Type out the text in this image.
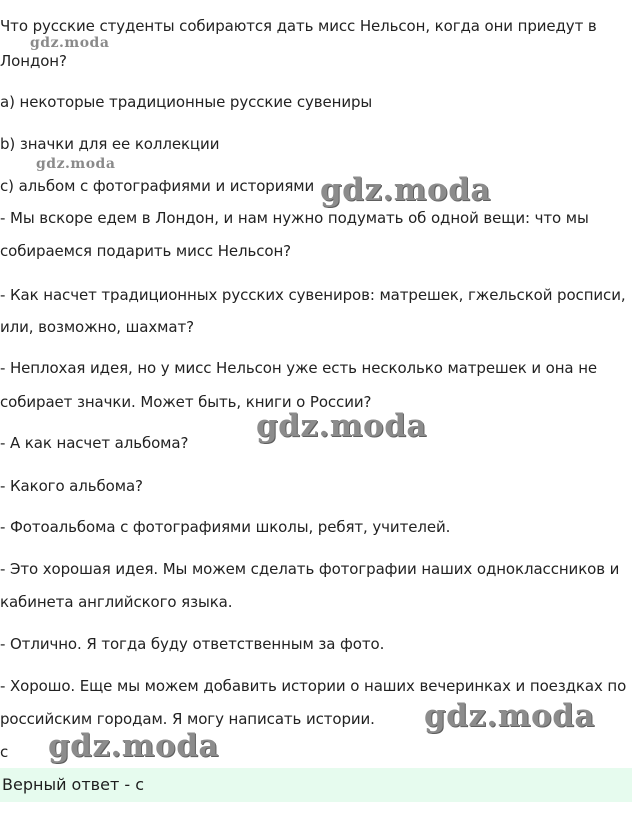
Что русские студенты собираются дать мисс Нельсон, когда они приедут в
Лондон?
a) некоторые традиционные русские сувениры
b) значки для ее коллекции
c) альбом с фотографиями и историями
- Мы вскоре едем в Лондон, и нам нужно подумать об одной вещи: что мы
собираемся подарить мисс Нельсон?
- Как насчет традиционных русских сувениров: матрешек, гжельской росписи,
или, возможно, шахмат?
- Неплохая идея, но у мисс Нельсон уже есть несколько матрешек и она не
собирает значки. Может быть, книги о России?
- А как насчет альбома?
- Какого альбома?
- Фотоальбома с фотографиями школы, ребят, учителей.
- Это хорошая идея. Мы можем сделать фотографии наших одноклассников и
кабинета английского языка.
- Отлично. Я тогда буду ответственным за фото.
- Хорошо. Еще мы можем добавить истории о наших вечеринках и поездках по
российским городам. Я могу написать истории.
с
Верный ответ - с
gdz.moda
gdz.moda
gdz.moda
gdz.moda
gdz.moda
gdz.moda
